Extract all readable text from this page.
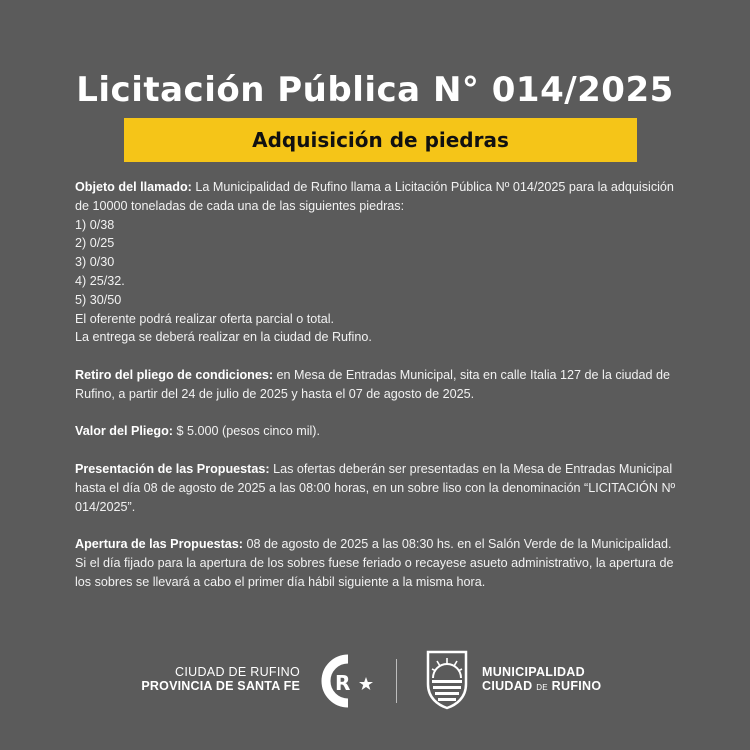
Licitación Pública N° 014/2025
Adquisición de piedras

Objeto del llamado: La Municipalidad de Rufino llama a Licitación Pública Nº 014/2025 para la adquisición de 10000 toneladas de cada una de las siguientes piedras:

1) 0/38

2) 0/25

3) 0/30

4) 25/32.

5) 30/50

El oferente podrá realizar oferta parcial o total.

La entrega se deberá realizar en la ciudad de Rufino.

Retiro del pliego de condiciones: en Mesa de Entradas Municipal, sita en calle Italia 127 de la ciudad de Rufino, a partir del 24 de julio de 2025 y hasta el 07 de agosto de 2025.

Valor del Pliego: $ 5.000 (pesos cinco mil).

Presentación de las Propuestas: Las ofertas deberán ser presentadas en la Mesa de Entradas Municipal hasta el día 08 de agosto de 2025 a las 08:00 horas, en un sobre liso con la denominación “LICITACIÓN Nº 014/2025”.

Apertura de las Propuestas: 08 de agosto de 2025 a las 08:30 hs. en el Salón Verde de la Municipalidad. Si el día fijado para la apertura de los sobres fuese feriado o recayese asueto administrativo, la apertura de los sobres se llevará a cabo el primer día hábil siguiente a la misma hora.

CIUDAD DE RUFINO
PROVINCIA DE SANTA FE R	MUNICIPALIDAD
CIUDAD DE RUFINO
